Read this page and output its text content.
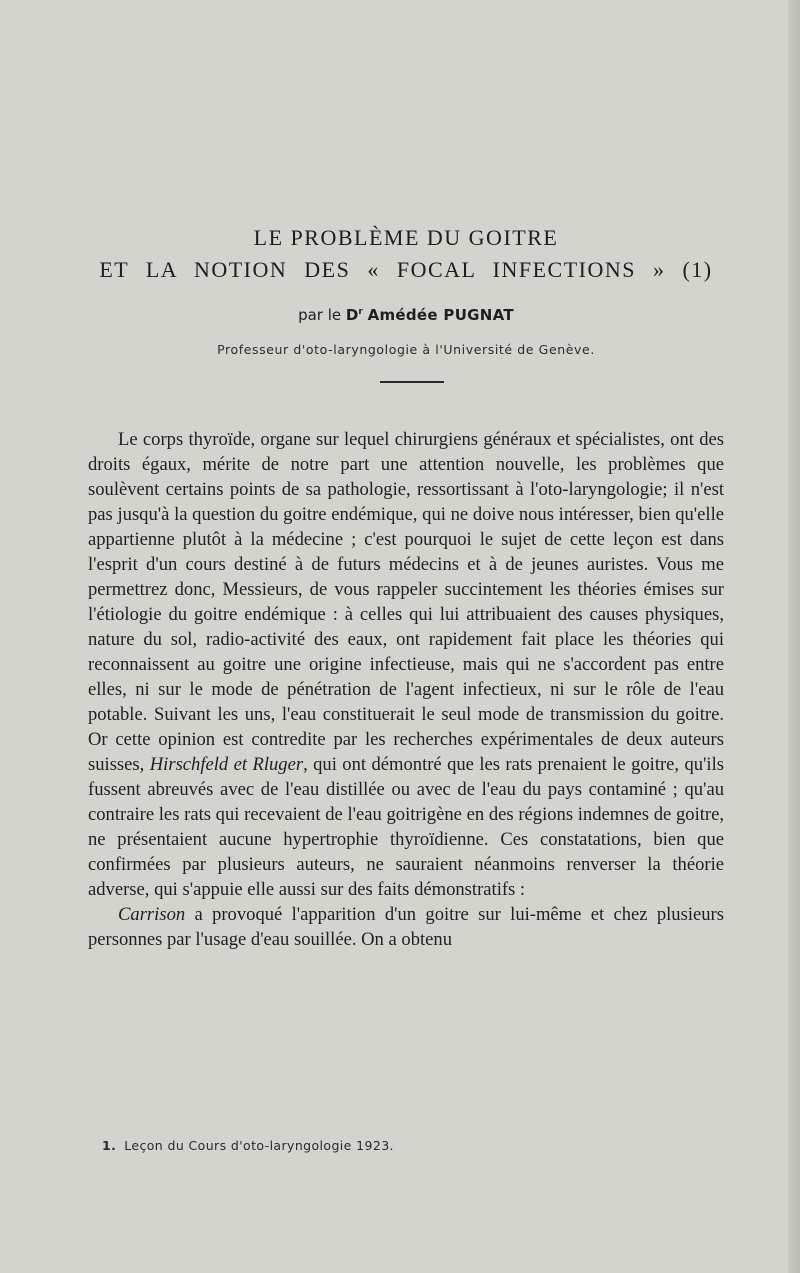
LE PROBLÈME DU GOITRE
ET LA NOTION DES « FOCAL INFECTIONS » (1)
par le $D^r$ Amédée PUGNAT
Professeur d'oto-laryngologie à l'Université de Genève.

Le corps thyroïde, organe sur lequel chirurgiens généraux et spécialistes, ont des droits égaux, mérite de notre part une attention nouvelle, les problèmes que soulèvent certains points de sa pathologie, ressortissant à l'oto-laryngologie; il n'est pas jusqu'à la question du goitre endémique, qui ne doive nous intéresser, bien qu'elle appartienne plutôt à la médecine ; c'est pourquoi le sujet de cette leçon est dans l'esprit d'un cours destiné à de futurs médecins et à de jeunes auristes. Vous me permettrez donc, Messieurs, de vous rappeler succintement les théories émises sur l'étiologie du goitre endémique : à celles qui lui attribuaient des causes physiques, nature du sol, radio-activité des eaux, ont rapidement fait place les théories qui reconnaissent au goitre une origine infectieuse, mais qui ne s'accordent pas entre elles, ni sur le mode de pénétration de l'agent infectieux, ni sur le rôle de l'eau potable. Suivant les uns, l'eau constituerait le seul mode de transmission du goitre. Or cette opinion est contredite par les recherches expérimentales de deux auteurs suisses, Hirschfeld et Rluger, qui ont démontré que les rats prenaient le goitre, qu'ils fussent abreuvés avec de l'eau distillée ou avec de l'eau du pays contaminé ; qu'au contraire les rats qui recevaient de l'eau goitrigène en des régions indemnes de goitre, ne présentaient aucune hypertrophie thyroïdienne. Ces constatations, bien que confirmées par plusieurs auteurs, ne sauraient néanmoins renverser la théorie adverse, qui s'appuie elle aussi sur des faits démonstratifs :

Carrison a provoqué l'apparition d'un goitre sur lui-même et chez plusieurs personnes par l'usage d'eau souillée. On a obtenu

1. Leçon du Cours d'oto-laryngologie 1923.
